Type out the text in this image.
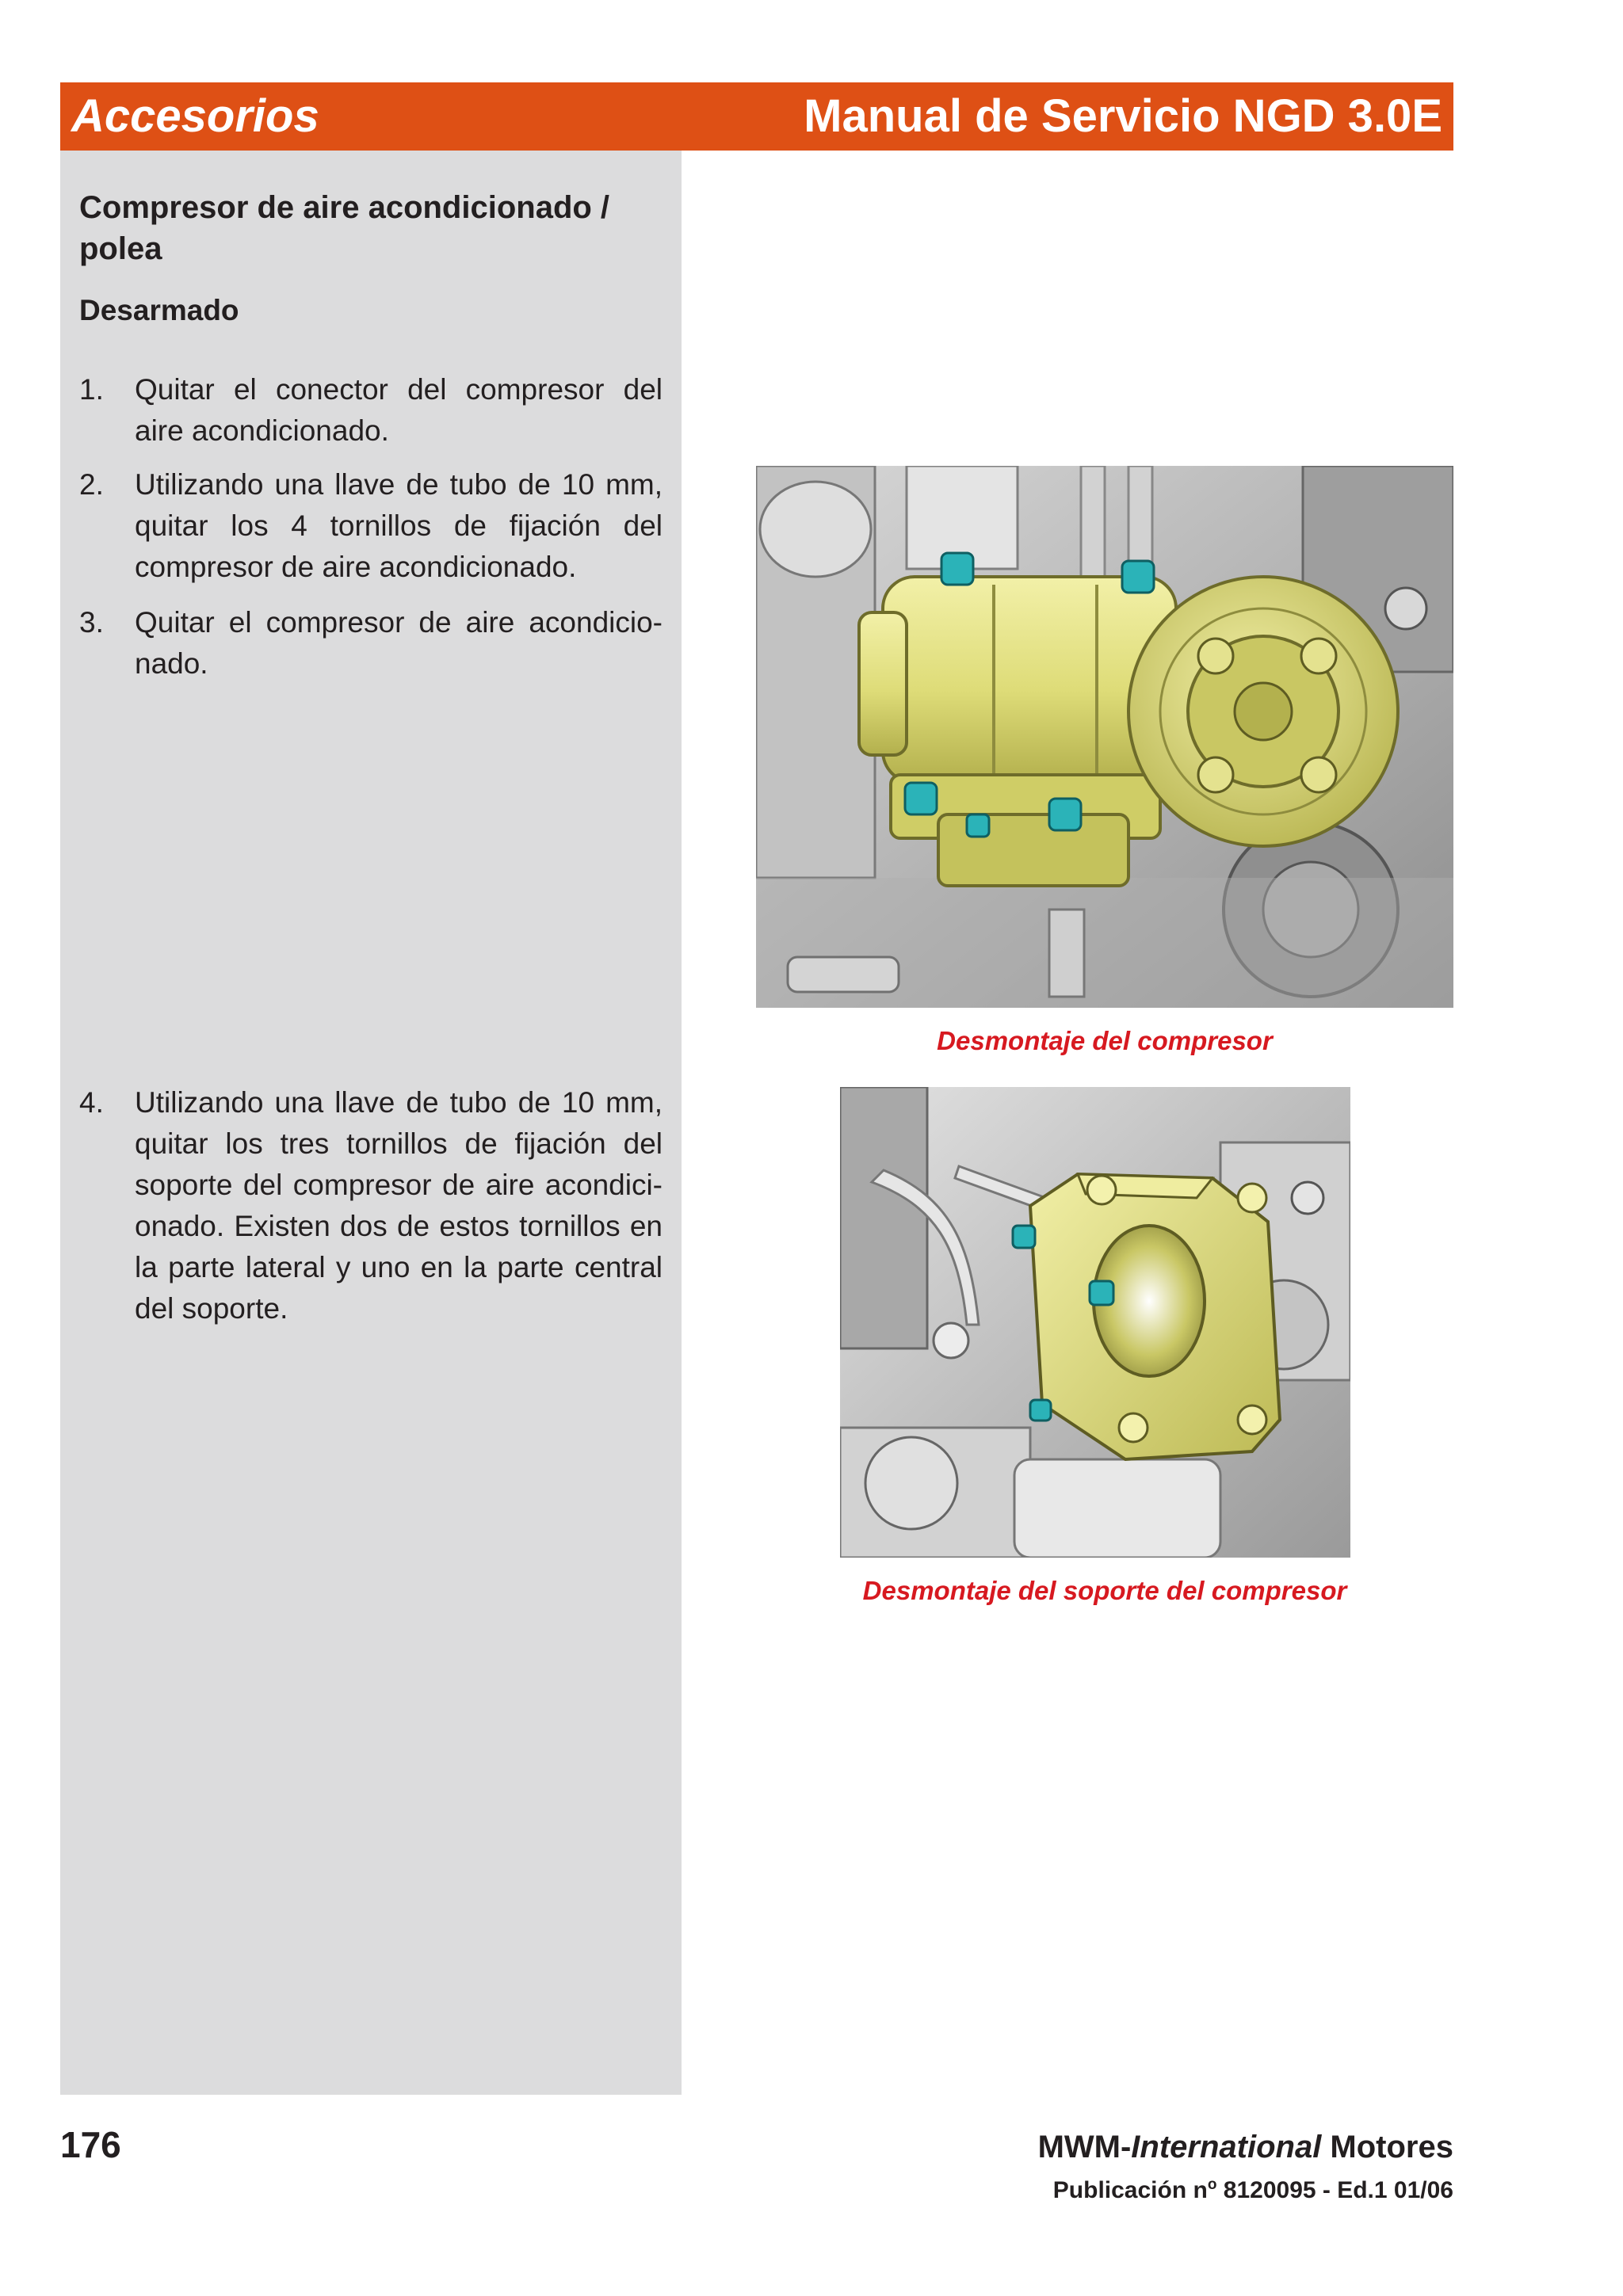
Accesorios	Manual de Servicio NGD 3.0E
Compresor de aire acondicionado / polea
Desarmado
1.	Quitar el conector del compresor del aire acondicionado.
2.	Utilizando una llave de tubo de 10 mm, quitar los 4 tornillos de fijación del compresor de aire acondicionado.
3.	Quitar el compresor de aire acondicio-nado.
4.	Utilizando una llave de tubo de 10 mm, quitar los tres tornillos de fijación del soporte del compresor de aire acondici-onado. Existen dos de estos tornillos en la parte lateral y uno en la parte central del soporte.
Desmontaje del compresor
Desmontaje del soporte del compresor
176	MWM-International Motores
Publicación $n^o$ 8120095 - Ed.1 01/06
